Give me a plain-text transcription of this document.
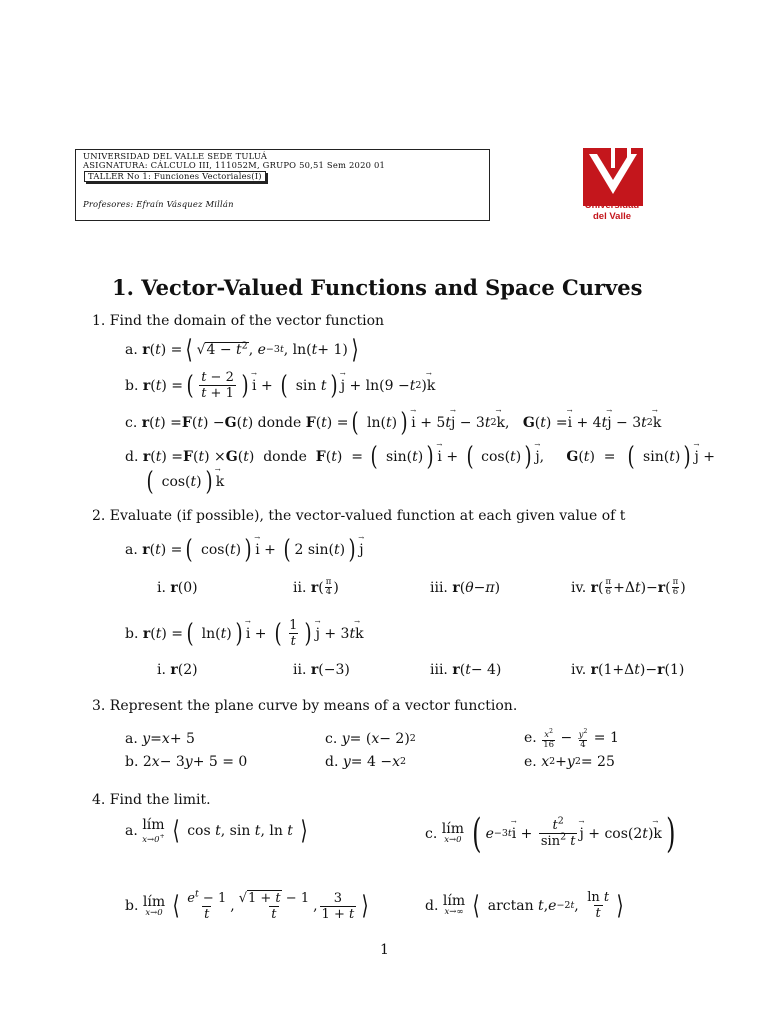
UNIVERSIDAD DEL VALLE SEDE TULUÁ
ASIGNATURA: CÁLCULO III, 111052M, GRUPO 50,51 Sem 2020 01
TALLER No 1: Funciones Vectoriales(I)
Profesores: Efraín Vásquez Millán	Universidad
del Valle
1. Vector-Valued Functions and Space Curves
1. Find the domain of the vector function
a.
r ( t ) = ⟨ √ $4 - t^2$ , e −3t , ln( t + 1) ⟩
b.
r ( t ) = ( $\frac{t - 2}{t + 1}$ ) i → + ( sin t ) j → + ln(9 − t 2 ) k →
c.
r ( t ) = F ( t ) − G ( t ) donde
F ( t ) = ( ln( t ) ) i → + 5 t j → − 3 t 2 k → , G ( t ) = i → + 4 t j → − 3 t 2 k →
d.
r ( t ) = F ( t ) × G ( t ) donde
F ( t )  = ( sin( t ) ) i → + ( cos( t ) ) j → , G ( t )  = ( sin( t ) ) j → +
( cos( t ) ) k →
2. Evaluate (if possible), the vector-valued function at each given value of t
a.
r ( t ) = ( cos( t ) ) i → + ( 2 sin( t ) ) j →
i.
r (0)	ii.
r ( π
4 )	iii.
r ( θ − π )	iv.
r ( π
6 +Δ t )− r ( π
6 )
b.
r ( t ) = ( ln( t ) ) i → + ( $\frac{1}{t}$ ) j → + 3 t k →
i.
r (2)	ii.
r (−3)	iii.
r ( t − 4)	iv.
r (1+Δ t )− r (1)
3. Represent the plane curve by means of a vector function.
a.
y = x + 5	c.
y = ( x − 2) 2	e.
$x^2$
$16 - y^2$
4 = 1
b. 2 x − 3 y + 5 = 0	d.
y = 4 − x 2	e.
x 2 + y 2 = 25
4. Find the limit.
a.
lím
x→0+ ⟨ cos t , sin t , ln t
⟩	c.
lím
x→0 ( e −3t i → + $\frac{t^2}{\sin^2 t}$ j → + cos(2 t ) k → )
b.
lím
x→0 ⟨ $\frac{e^t - 1}{t}$ , $\frac{√ 1 + t - 1}{t}$ , $\frac{3}{1 + t}$ ⟩	d.
lím
x→∞ ⟨ arctan t , e −2t , $\frac{\text{ln t}}{t}$ ⟩
1
